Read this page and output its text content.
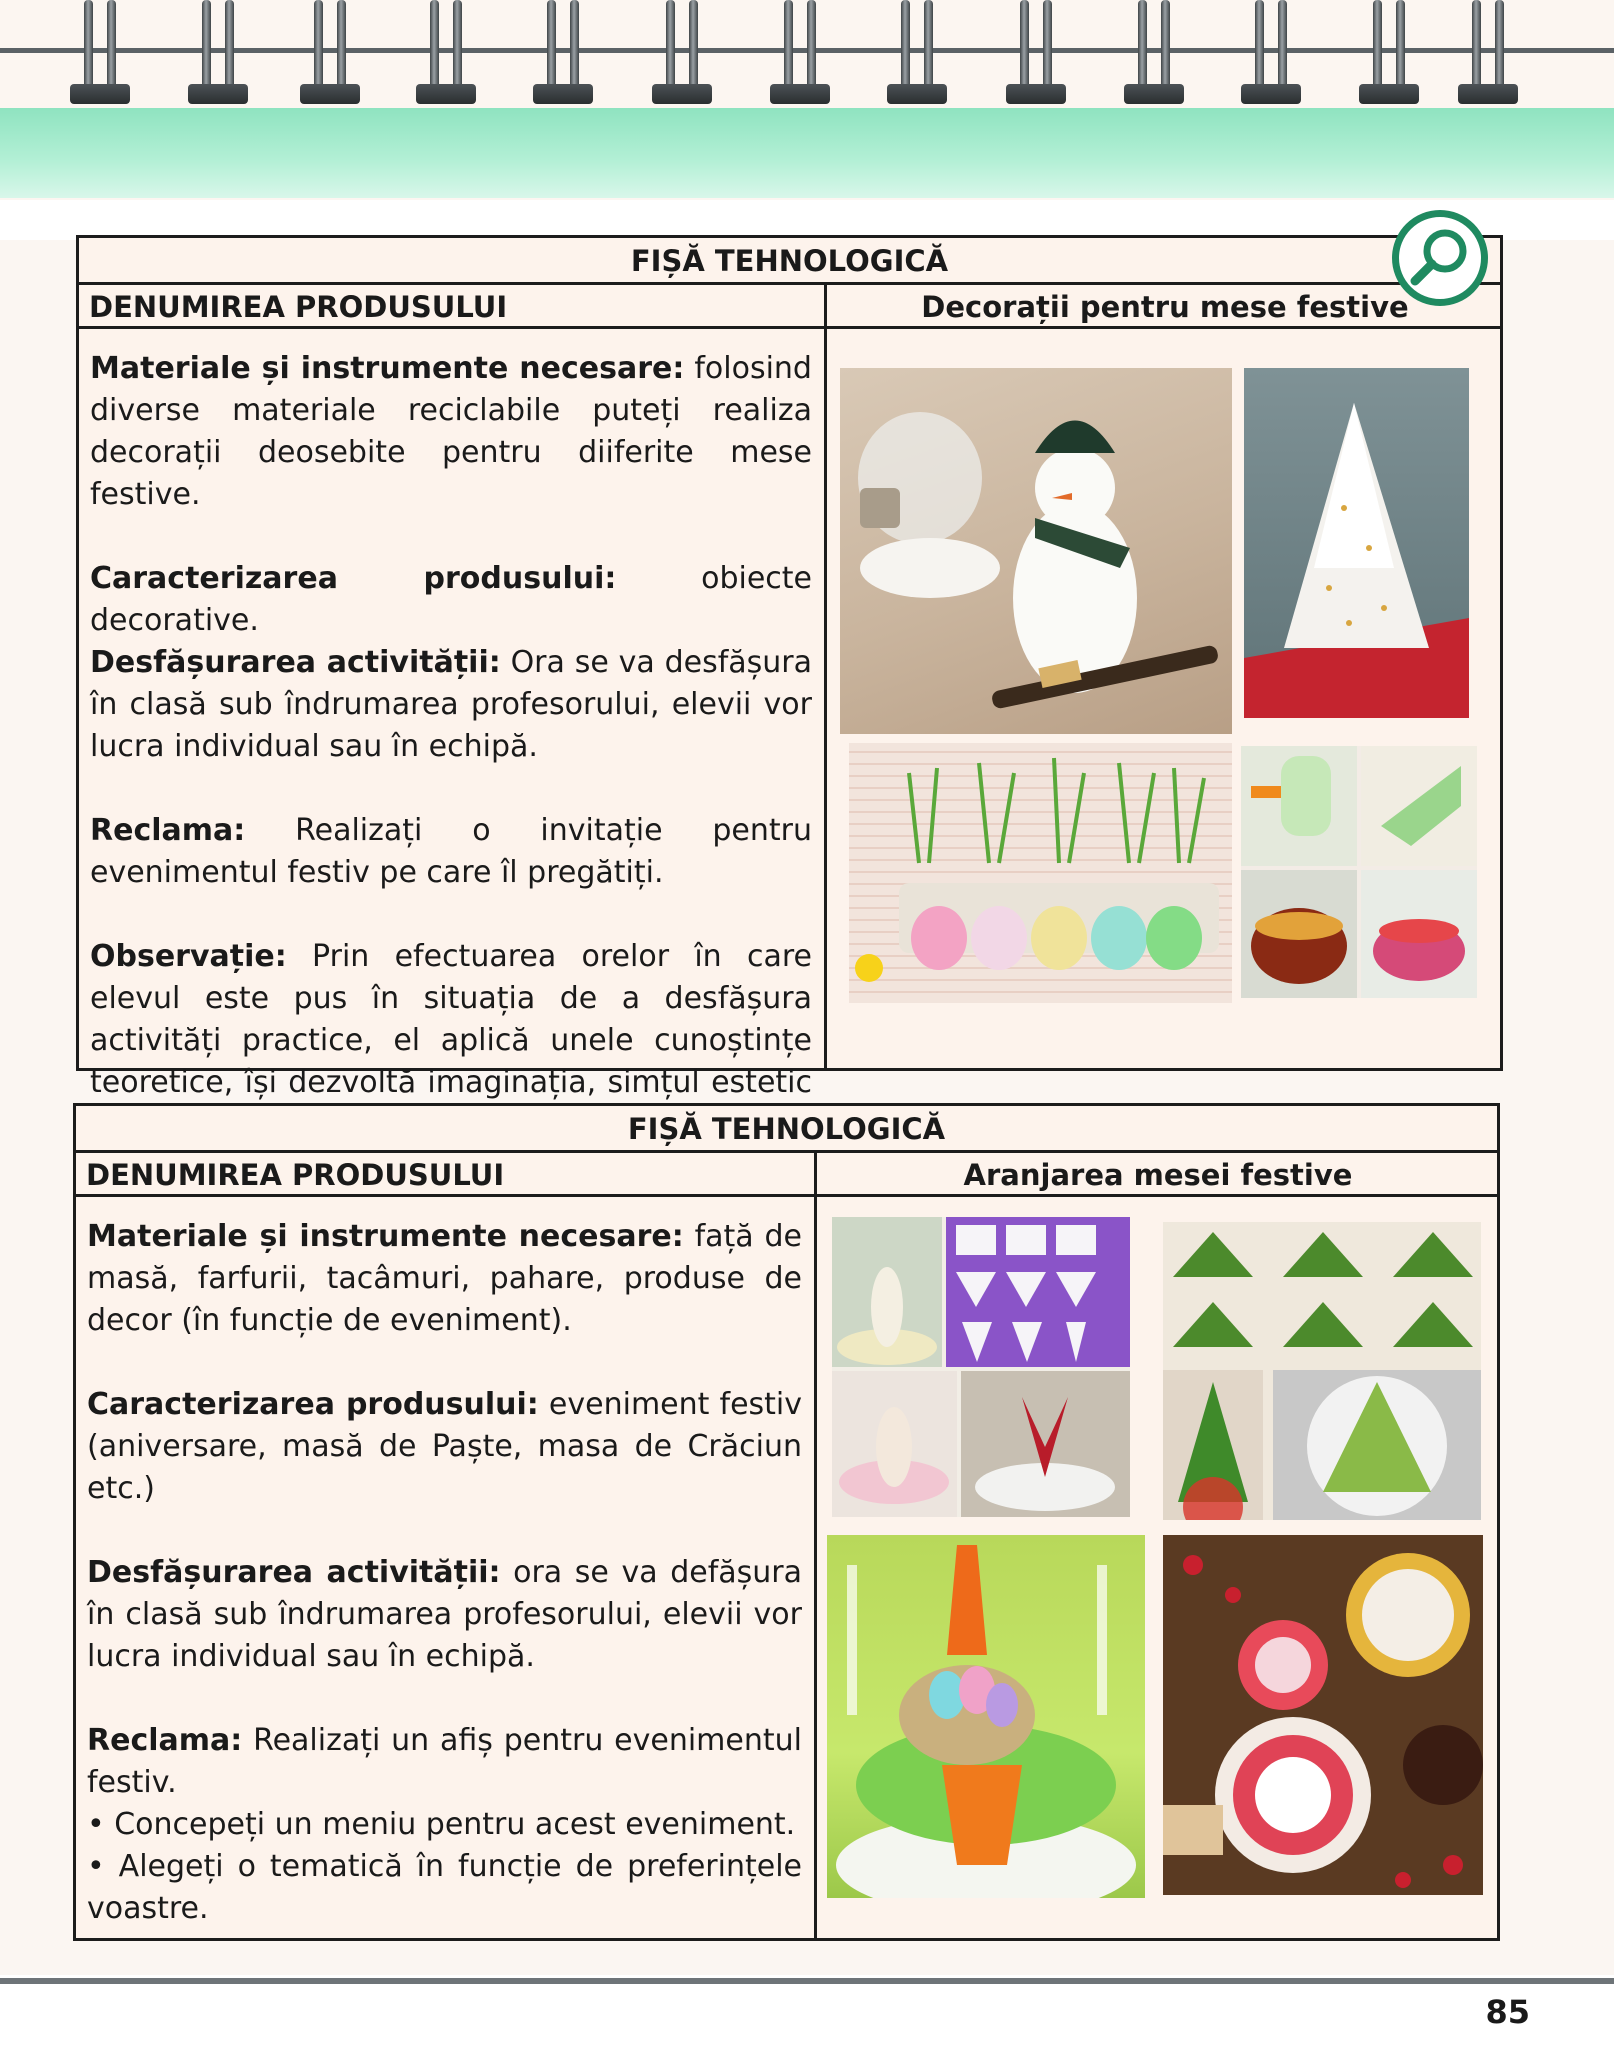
FIȘĂ TEHNOLOGICĂ
DENUMIREA PRODUSULUI	Decorații pentru mese festive

Materiale și instrumente necesare: folosind diverse materiale reciclabile puteți realiza decorații deosebite pentru diiferite mese festive.

Caracterizarea produsului: obiecte decorative.

Desfășurarea activității: Ora se va desfășura în clasă sub îndrumarea profesorului, elevii vor lucra individual sau în echipă.

Reclama: Realizați o invitație pentru evenimentul festiv pe care îl pregătiți.

Observație: Prin efectuarea orelor în care elevul este pus în situația de a desfășura activități practice, el aplică unele cunoștințe teoretice, își dezvoltă imaginația, simțul estetic

FIȘĂ TEHNOLOGICĂ
DENUMIREA PRODUSULUI	Aranjarea mesei festive

Materiale și instrumente necesare: față de masă, farfurii, tacâmuri, pahare, produse de decor (în funcție de eveniment).

Caracterizarea produsului: eveniment festiv (aniversare, masă de Paște, masa de Crăciun etc.)

Desfășurarea activității: ora se va defășura în clasă sub îndrumarea profesorului, elevii vor lucra individual sau în echipă.

Reclama: Realizați un afiș pentru evenimentul festiv.

• Concepeți un meniu pentru acest eveniment.

• Alegeți o tematică în funcție de preferințele voastre.

85
